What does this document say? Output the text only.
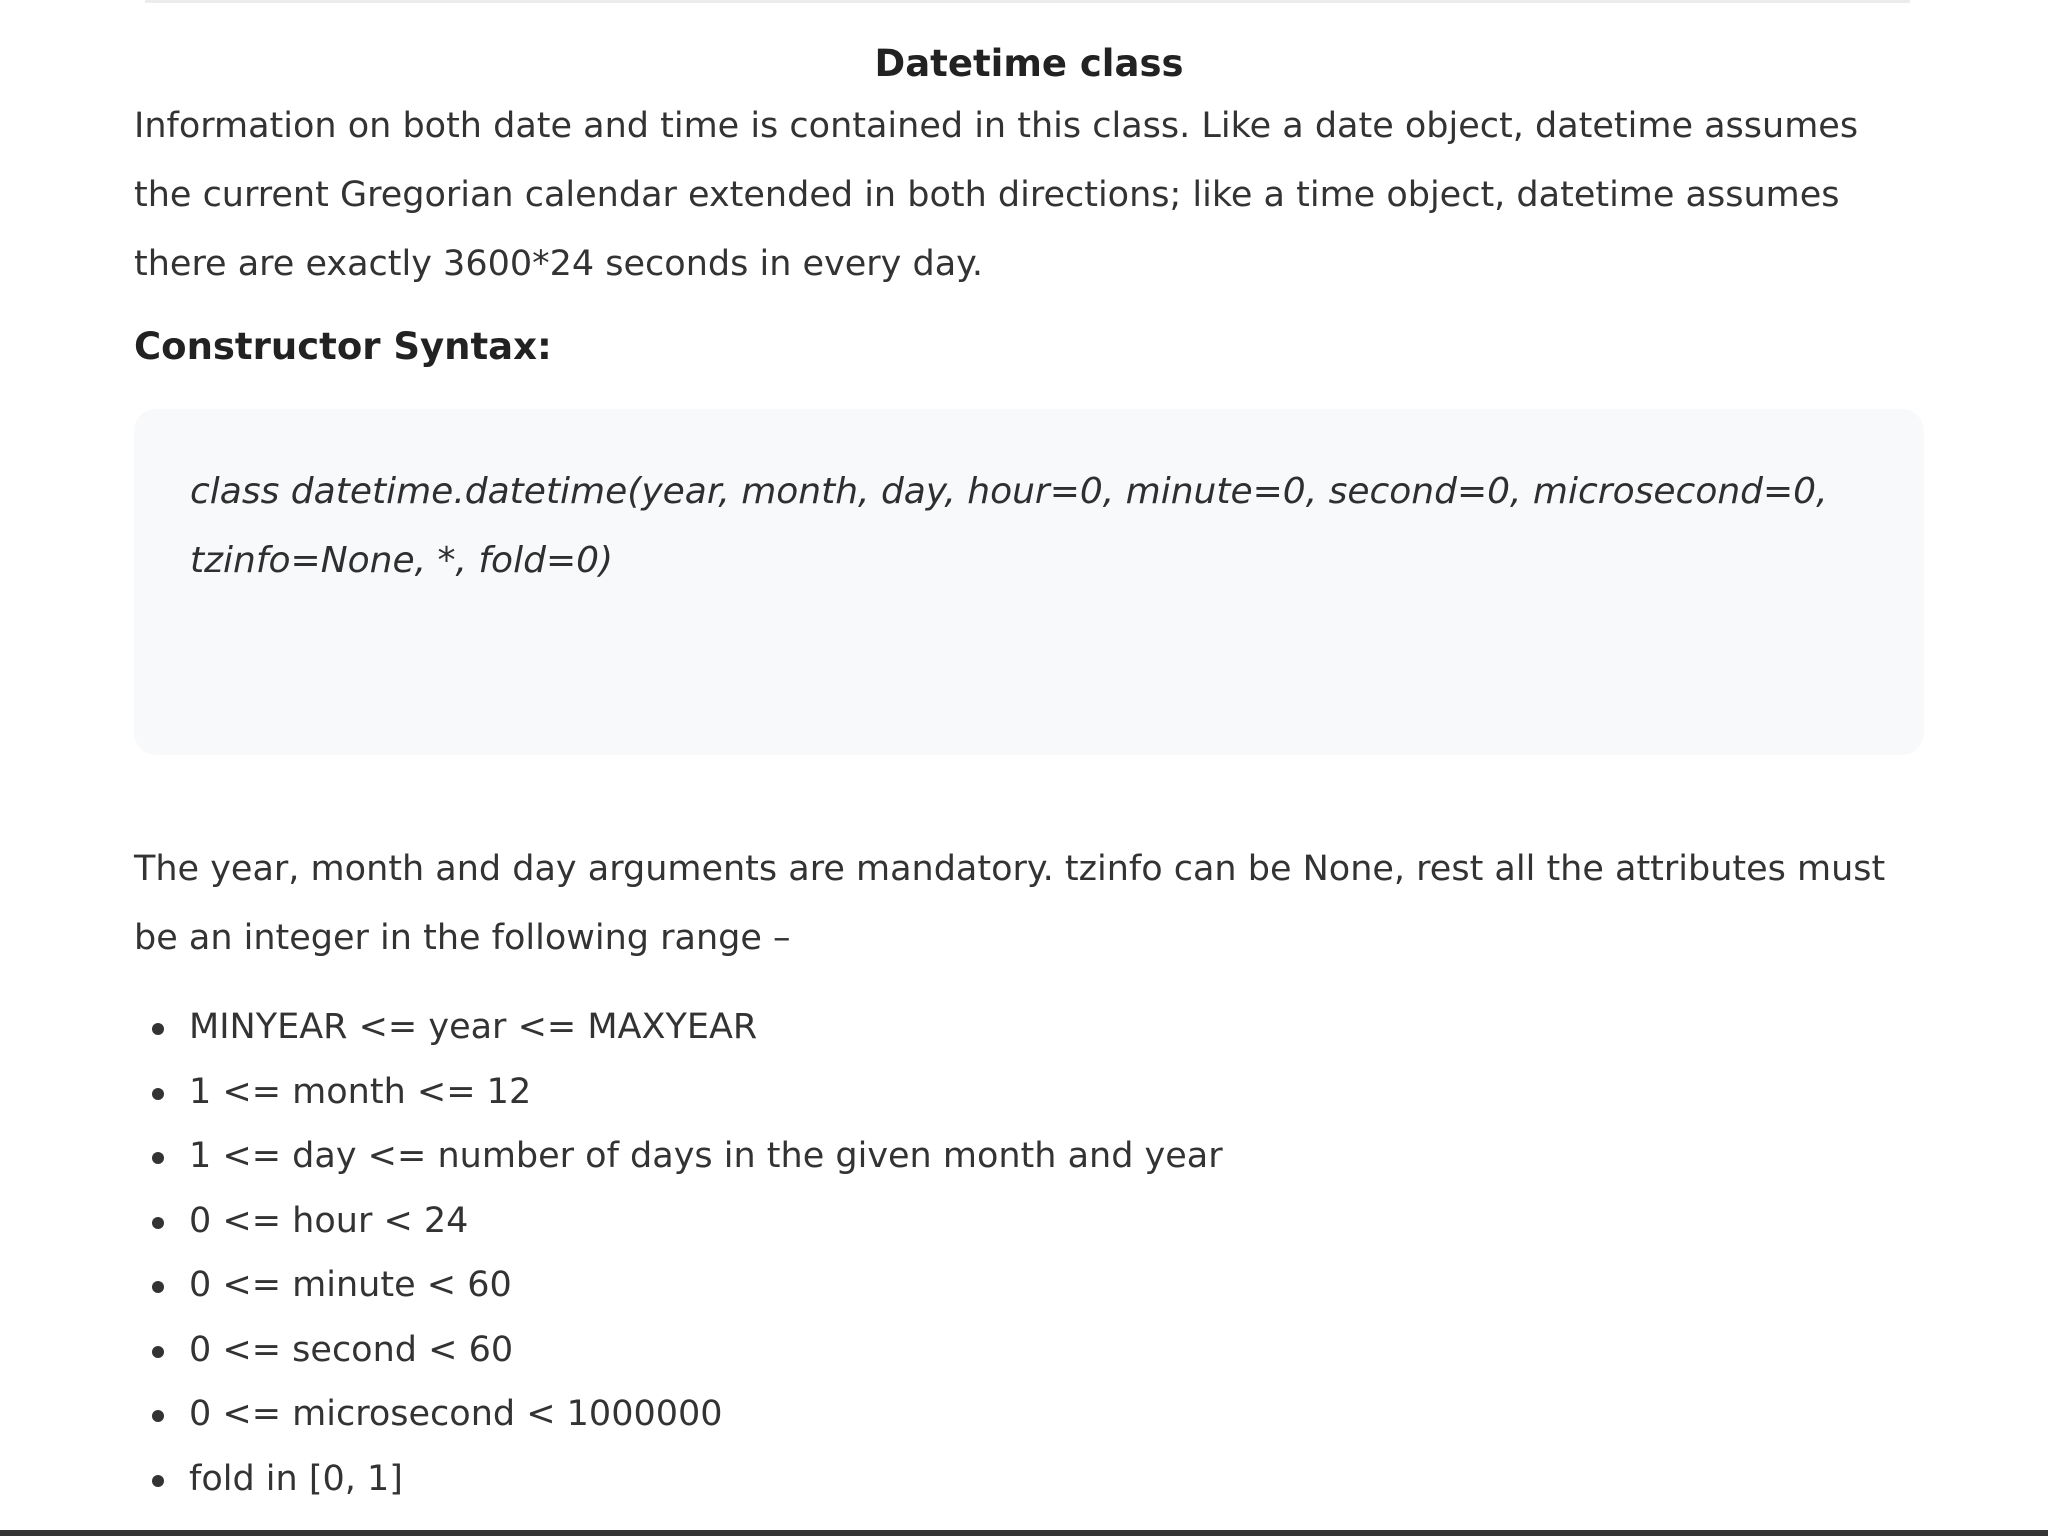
Datetime class

Information on both date and time is contained in this class. Like a date object, datetime assumes the current Gregorian calendar extended in both directions; like a time object, datetime assumes there are exactly 3600*24 seconds in every day.

Constructor Syntax:
class datetime.datetime(year, month, day, hour=0, minute=0, second=0, microsecond=0, tzinfo=None, *, fold=0)

The year, month and day arguments are mandatory. tzinfo can be None, rest all the attributes must be an integer in the following range –

MINYEAR <= year <= MAXYEAR
1 <= month <= 12
1 <= day <= number of days in the given month and year
0 <= hour < 24
0 <= minute < 60
0 <= second < 60
0 <= microsecond < 1000000
fold in [0, 1]
